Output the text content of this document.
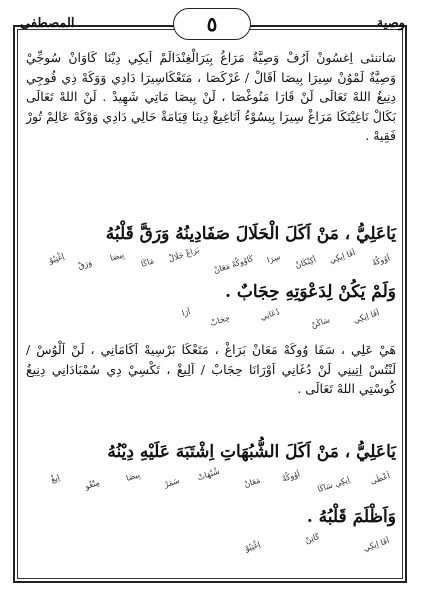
وصية
المصطفى	٥

سَاتنئی اِغسُونْ اَرُفْ وَصِيَّةٌ مَرَاغُ بِيَرَالْغِنْدَالَمْ اَيكِي دِيْنَا كَاوَانْ سُوجِّيْ وَصِيَّةٌ لَمْوُنْ سِيرَا بِيصَا اَقَالْ / غَرْكَصَا ، مَتَعْكَاسِيرَا دَادِي وَوَكَهْ ذِي فُوجِي دِنِيغُ اللهْ تَعَالَى لَنْ قَارَا مَنُوغْصَا ، لَنْ بِيصَا مَاتِي شَهِيدْ . لَنْ اللهْ تَعَالَى بَكَالْ نَاغِيْتَكَا مَرَاغْ سِيرَا بِيسُوْءُ اَنَاغِيغْ دِينَا قِيَامَةْ حَالِي دَادِي وَوْكَهْ عَالِمْ تُورْ فَقِيهْ .

يَاعَلِيُّ ، مَنْ اَكَلَ الْحَلَالَ صَفَادِينُهُ وَرَقَّ قَلْبُهُ

اَوُوكُهْ
اَفَا اِيكِي
اَكِنْكَانْ
سِرَا
كَاوُوكُهْ مَعَانْ
بَرَاعْ حَلَالْ
مَاكَا
بِيصَا
وَرَقْ
اِغْتِيُوْ

وَلَمْ يَكُنْ لِدَعْوَتِهِ حِجَابٌ .

اَفَا اِيكِي
سَاكَنْ
دُعَانِي
حِجَابْ
اَرَا

هَيْ عَلِي ، سَفَا وُوكَهْ مَعَانْ بَرَاغْ ، مَتَعْكَا بَرْسِيهْ اَكَامَانِي ، لَنْ اَلْوُسْ / لَنْتُسْ اِتِينِي لَنْ دُغَانِي اَوْرَانَا حِجَابْ / اَلِيغْ ، تَكْسِيْ دِي سُمْبَادَانِي دِنِيغُ كُوسْتِي اللهْ تَعَالَى .

يَاعَلِيُّ ، مَنْ اَكَلَ الشُّبُهَاتِ اِشْتَبَهَ عَلَيْهِ دِيْنُهُ

اَعْطَى
اِيكِي سَاكَا
اَوُوكُهْ
مَعَانْ
شُبْهَاتْ
سَمَرْ
بِيصَا
مِتْغُو
اِيغْ

وَاَظْلَمَ قَلْبُهُ .

اَفَا اِيكِي
كَاتِنْ
اِغْتِيُوْ
